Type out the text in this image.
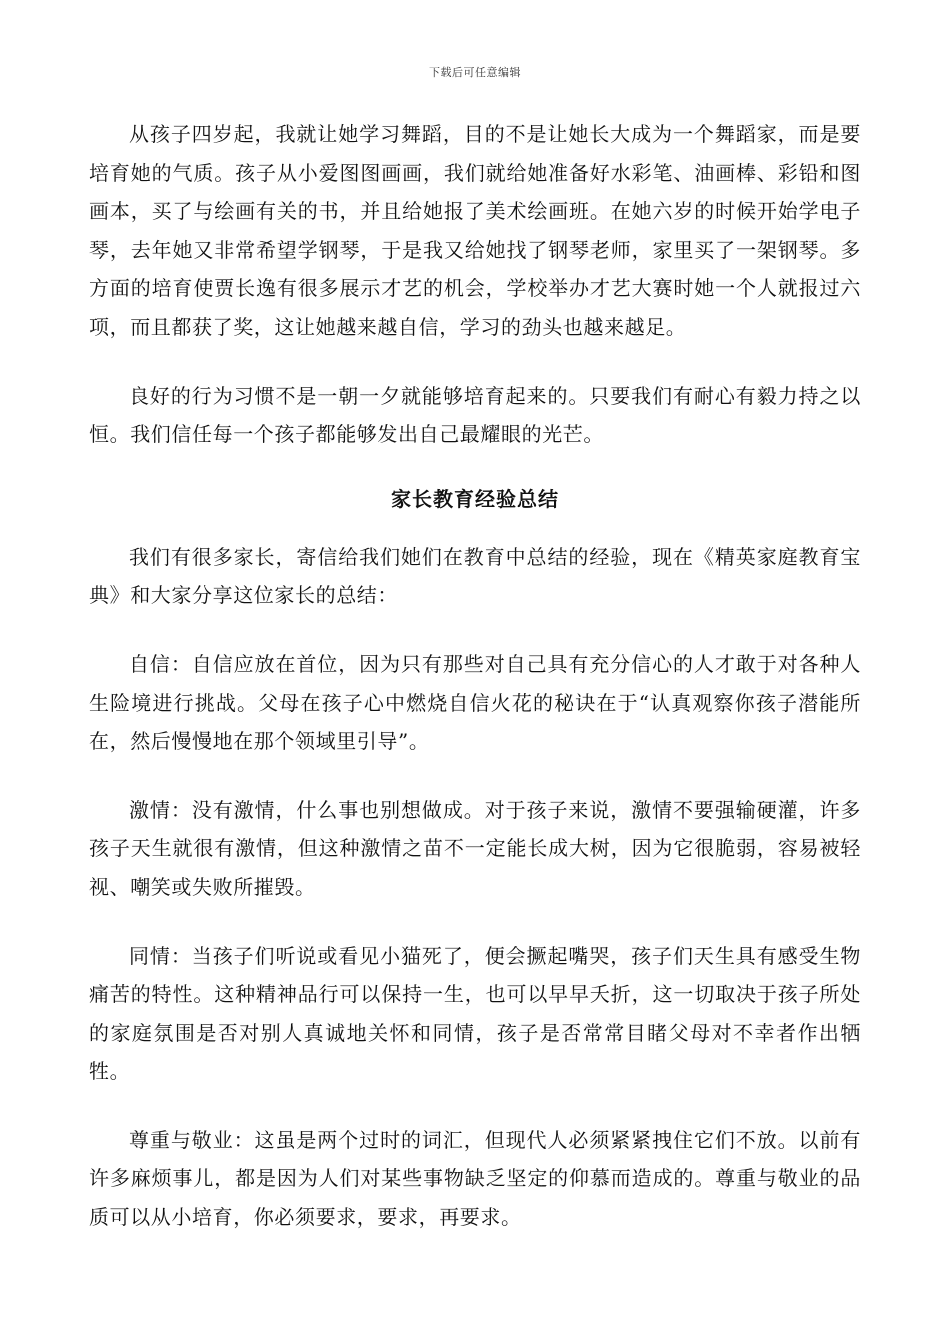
下载后可任意编辑

从孩子四岁起，我就让她学习舞蹈，目的不是让她长大成为一个舞蹈家，而是要培育她的气质。孩子从小爱图图画画，我们就给她准备好水彩笔、油画棒、彩铅和图画本，买了与绘画有关的书，并且给她报了美术绘画班。在她六岁的时候开始学电子琴，去年她又非常希望学钢琴，于是我又给她找了钢琴老师，家里买了一架钢琴。多方面的培育使贾长逸有很多展示才艺的机会，学校举办才艺大赛时她一个人就报过六项，而且都获了奖，这让她越来越自信，学习的劲头也越来越足。

良好的行为习惯不是一朝一夕就能够培育起来的。只要我们有耐心有毅力持之以恒。我们信任每一个孩子都能够发出自己最耀眼的光芒。

家长教育经验总结

我们有很多家长，寄信给我们她们在教育中总结的经验，现在《精英家庭教育宝典》和大家分享这位家长的总结：

自信：自信应放在首位，因为只有那些对自己具有充分信心的人才敢于对各种人生险境进行挑战。父母在孩子心中燃烧自信火花的秘诀在于“认真观察你孩子潜能所在，然后慢慢地在那个领域里引导”。

激情：没有激情，什么事也别想做成。对于孩子来说，激情不要强输硬灌，许多孩子天生就很有激情，但这种激情之苗不一定能长成大树，因为它很脆弱，容易被轻视、嘲笑或失败所摧毁。

同情：当孩子们听说或看见小猫死了，便会撅起嘴哭，孩子们天生具有感受生物痛苦的特性。这种精神品行可以保持一生，也可以早早夭折，这一切取决于孩子所处的家庭氛围是否对别人真诚地关怀和同情，孩子是否常常目睹父母对不幸者作出牺牲。

尊重与敬业：这虽是两个过时的词汇，但现代人必须紧紧拽住它们不放。以前有许多麻烦事儿，都是因为人们对某些事物缺乏坚定的仰慕而造成的。尊重与敬业的品质可以从小培育，你必须要求，要求，再要求。
